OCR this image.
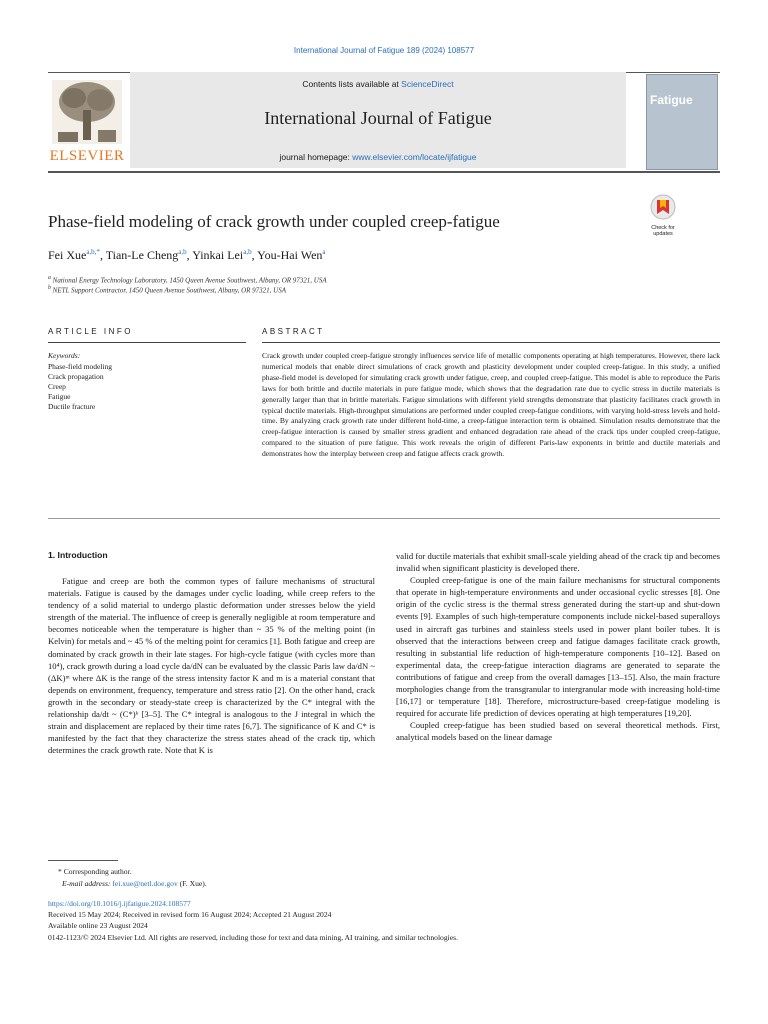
International Journal of Fatigue 189 (2024) 108577
Contents lists available at ScienceDirect
International Journal of Fatigue
journal homepage: www.elsevier.com/locate/ijfatigue
ELSEVIER
Fatigue
Phase-field modeling of crack growth under coupled creep-fatigue	Check for updates
Fei Xue$^{a,b,*}$, Tian-Le Cheng$^{a,b}$, Yinkai Lei$^{a,b}$, You-Hai Wen$^a$
$^a$ National Energy Technology Laboratory, 1450 Queen Avenue Southwest, Albany, OR 97321, USA
$^b$ NETL Support Contractor, 1450 Queen Avenue Southwest, Albany, OR 97321, USA
ARTICLE INFO
Keywords:
Phase-field modeling
Crack propagation
Creep
Fatigue
Ductile fracture
ABSTRACT
Crack growth under coupled creep-fatigue strongly influences service life of metallic components operating at high temperatures. However, there lack numerical models that enable direct simulations of crack growth and plasticity development under coupled creep-fatigue. In this study, a unified phase-field model is developed for simulating crack growth under fatigue, creep, and coupled creep-fatigue. This model is able to reproduce the Paris laws for both brittle and ductile materials in pure fatigue mode, which shows that the degradation rate due to cyclic stress in ductile materials is generally larger than that in brittle materials. Fatigue simulations with different yield strengths demonstrate that plasticity facilitates crack growth in typical ductile materials. High-throughput simulations are performed under coupled creep-fatigue conditions, with varying hold-stress levels and hold-time. By analyzing crack growth rate under different hold-time, a creep-fatigue interaction term is obtained. Simulation results demonstrate that the creep-fatigue interaction is caused by smaller stress gradient and enhanced degradation rate ahead of the crack tips under coupled creep-fatigue, compared to the situation of pure fatigue. This work reveals the origin of different Paris-law exponents in brittle and ductile materials and demonstrates how the interplay between creep and fatigue affects crack growth.
1. Introduction

Fatigue and creep are both the common types of failure mechanisms of structural materials. Fatigue is caused by the damages under cyclic loading, while creep refers to the tendency of a solid material to undergo plastic deformation under stresses below the yield strength of the material. The influence of creep is generally negligible at room temperature and becomes noticeable when the temperature is higher than ~ 35 % of the melting point (in Kelvin) for metals and ~ 45 % of the melting point for ceramics [1]. Both fatigue and creep are dominated by crack growth in their late stages. For high-cycle fatigue (with cycles more than 10⁴), crack growth during a load cycle da/dN can be evaluated by the classic Paris law da/dN ~ (ΔK)ᵐ where ΔK is the range of the stress intensity factor K and m is a material constant that depends on environment, frequency, temperature and stress ratio [2]. On the other hand, crack growth in the secondary or steady-state creep is characterized by the C* integral with the relationship da/dt ~ (C*)ᵏ [3–5]. The C* integral is analogous to the J integral in which the strain and displacement are replaced by their time rates [6,7]. The significance of K and C* is manifested by the fact that they characterize the stress states ahead of the crack tip, which determines the crack growth rate. Note that K is

valid for ductile materials that exhibit small-scale yielding ahead of the crack tip and becomes invalid when significant plasticity is developed there.

Coupled creep-fatigue is one of the main failure mechanisms for structural components that operate in high-temperature environments and under occasional cyclic stresses [8]. One origin of the cyclic stress is the thermal stress generated during the start-up and shut-down events [9]. Examples of such high-temperature components include nickel-based superalloys used in aircraft gas turbines and stainless steels used in power plant boiler tubes. It is observed that the interactions between creep and fatigue damages facilitate crack growth, resulting in substantial life reduction of high-temperature components [10–12]. Based on experimental data, the creep-fatigue interaction diagrams are generated to separate the contributions of fatigue and creep from the overall damages [13–15]. Also, the main fracture morphologies change from the transgranular to intergranular mode with increasing hold-time [16,17] or temperature [18]. Therefore, microstructure-based creep-fatigue modeling is required for accurate life prediction of devices operating at high temperatures [19,20].

Coupled creep-fatigue has been studied based on several theoretical methods. First, analytical models based on the linear damage

* Corresponding author.
E-mail address: fei.xue@netl.doe.gov (F. Xue).
https://doi.org/10.1016/j.ijfatigue.2024.108577
Received 15 May 2024; Received in revised form 16 August 2024; Accepted 21 August 2024
Available online 23 August 2024
0142-1123/© 2024 Elsevier Ltd. All rights are reserved, including those for text and data mining, AI training, and similar technologies.
